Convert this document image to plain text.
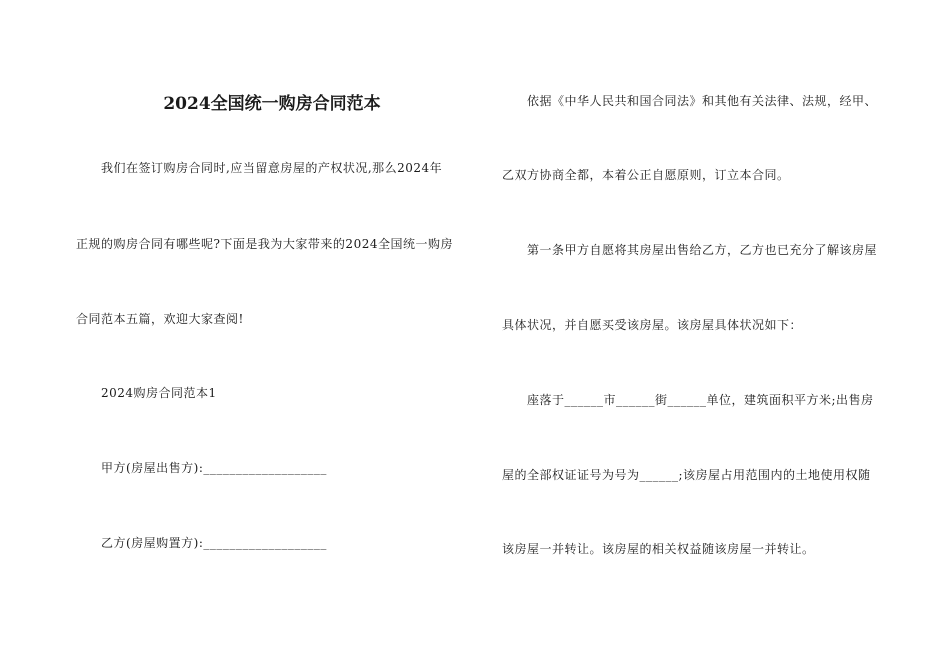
2024全国统一购房合同范本
我们在签订购房合同时,应当留意房屋的产权状况,那么2024年
正规的购房合同有哪些呢?下面是我为大家带来的2024全国统一购房
合同范本五篇，欢迎大家查阅!
2024购房合同范本1
甲方(房屋出售方):___________________
乙方(房屋购置方):___________________
依据《中华人民共和国合同法》和其他有关法律、法规，经甲、
乙双方协商全都，本着公正自愿原则，订立本合同。
第一条甲方自愿将其房屋出售给乙方，乙方也已充分了解该房屋
具体状况，并自愿买受该房屋。该房屋具体状况如下：
座落于______市______街______单位，建筑面积平方米;出售房
屋的全部权证证号为号为______;该房屋占用范围内的土地使用权随
该房屋一并转让。该房屋的相关权益随该房屋一并转让。
